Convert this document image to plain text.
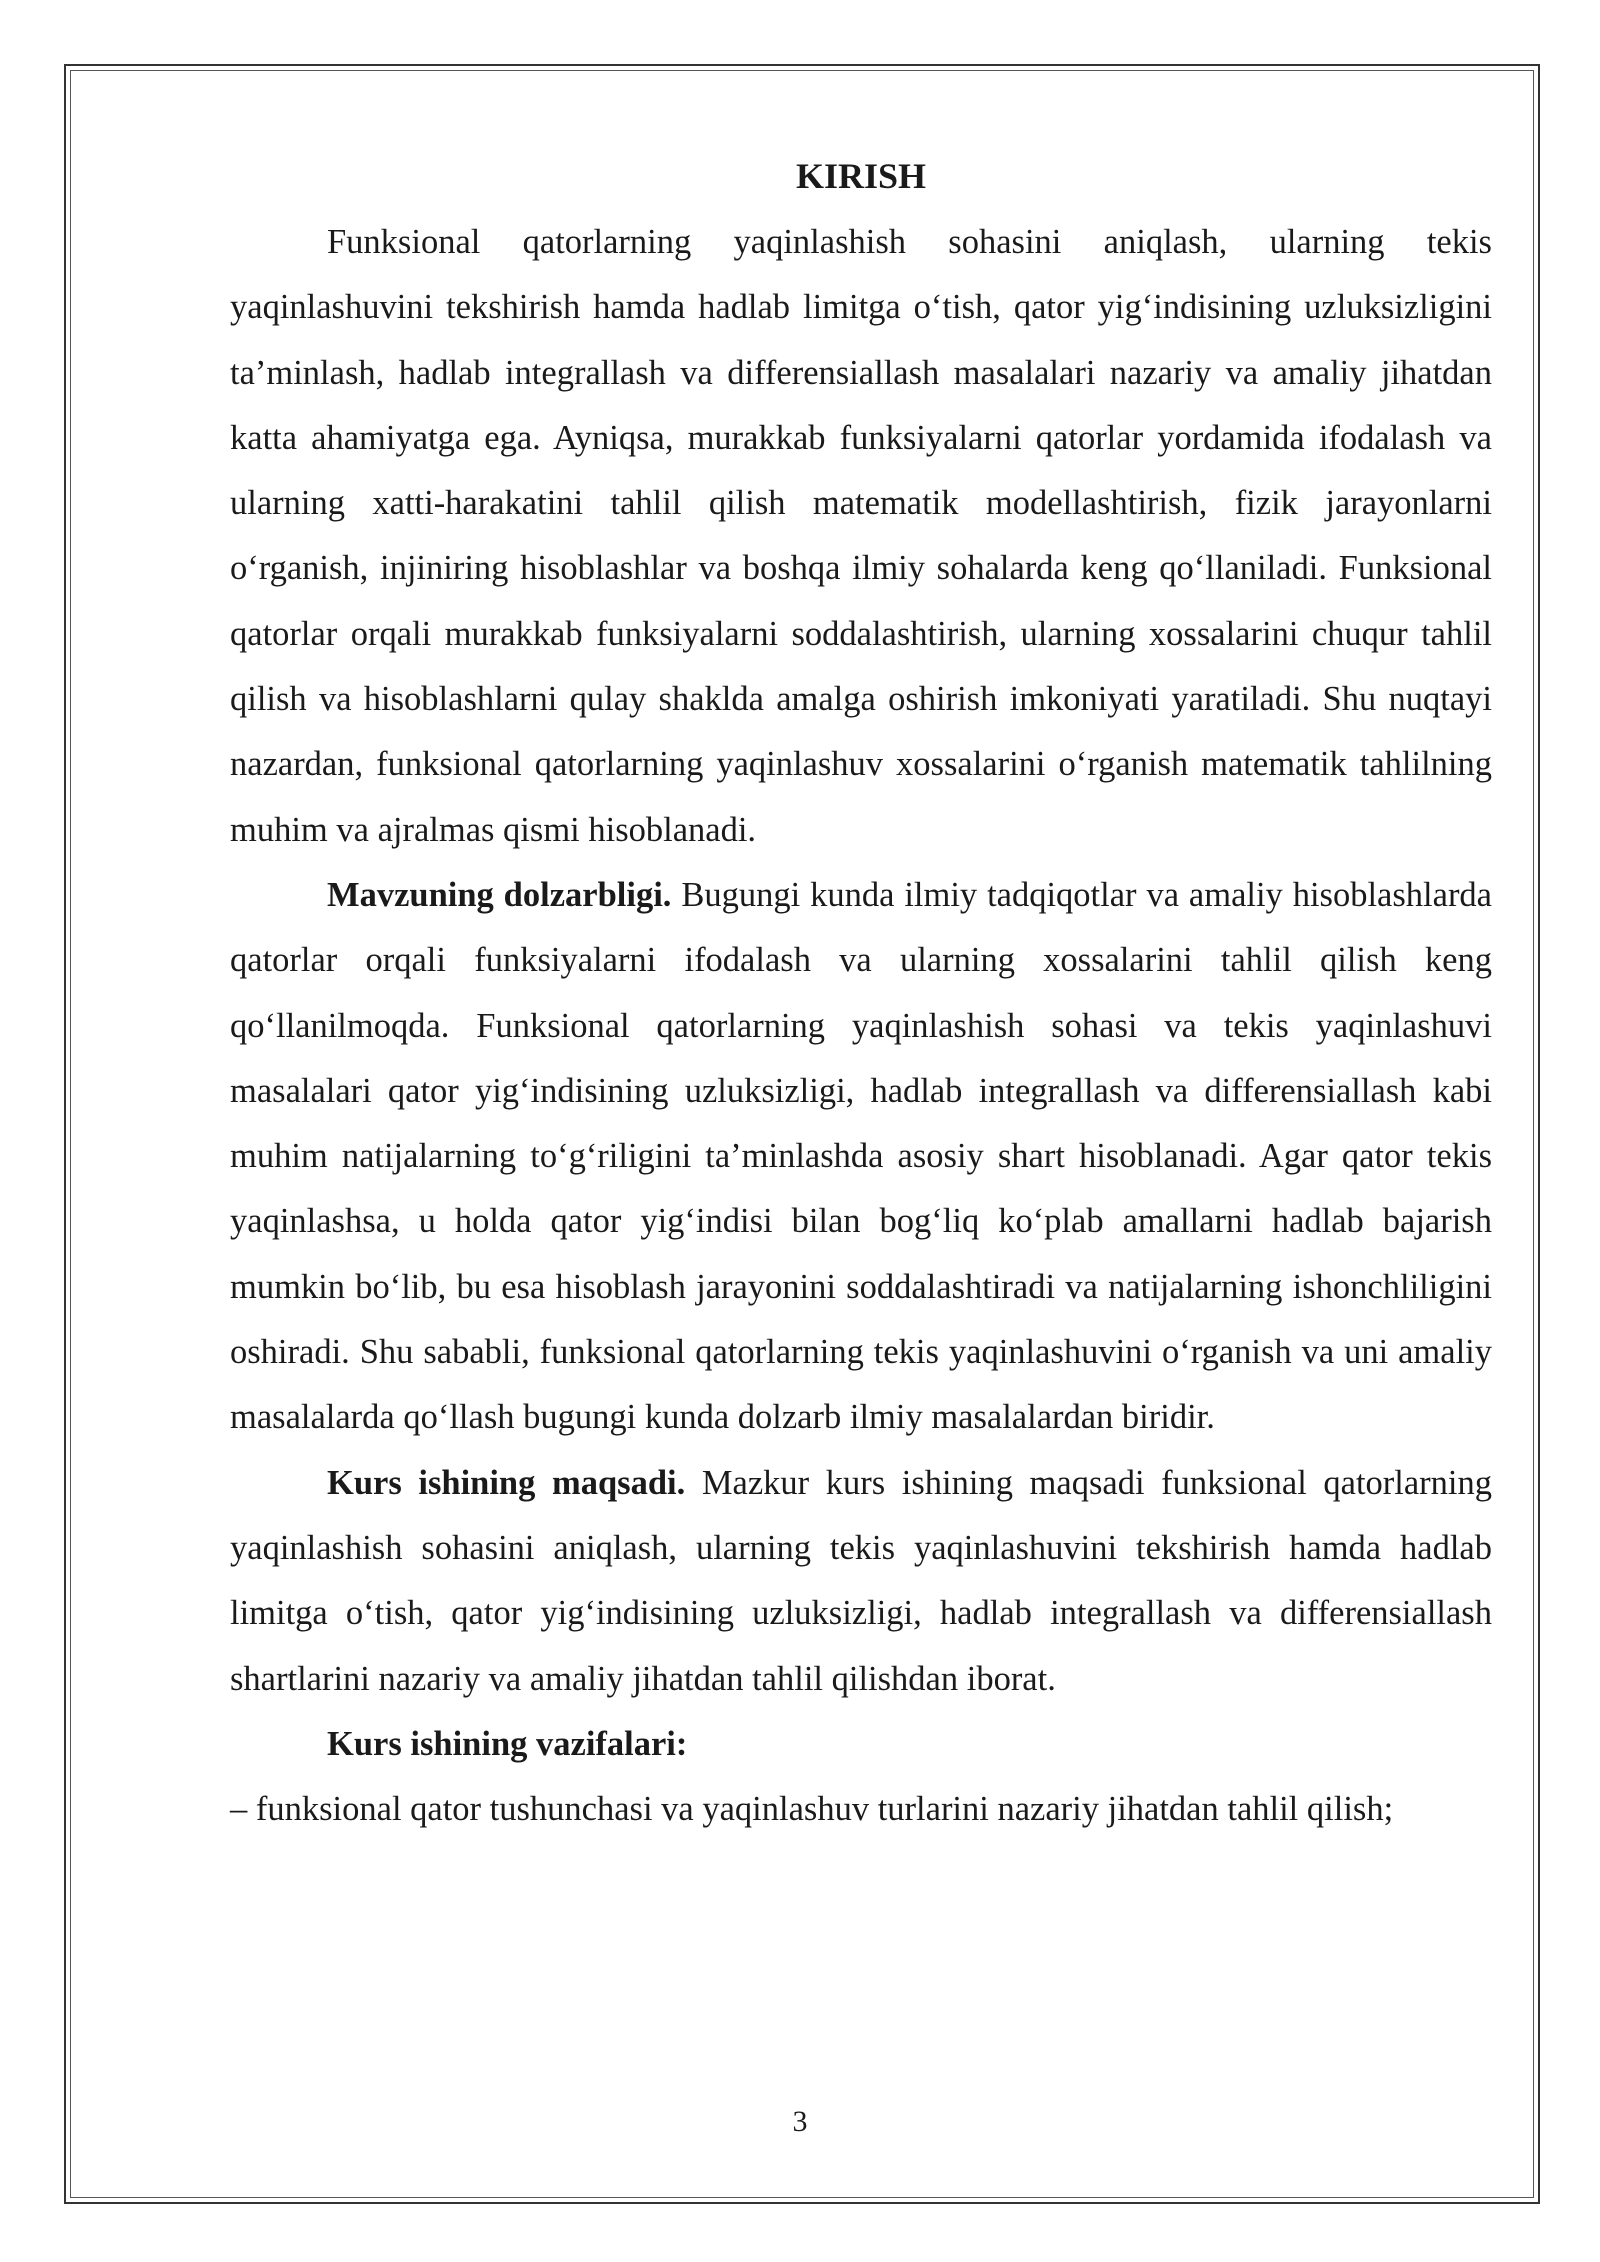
KIRISH

Funksional qatorlarning yaqinlashish sohasini aniqlash, ularning tekis yaqinlashuvini tekshirish hamda hadlab limitga o‘tish, qator yig‘indisining uzluksizligini ta’minlash, hadlab integrallash va differensiallash masalalari nazariy va amaliy jihatdan katta ahamiyatga ega. Ayniqsa, murakkab funksiyalarni qatorlar yordamida ifodalash va ularning xatti-harakatini tahlil qilish matematik modellashtirish, fizik jarayonlarni o‘rganish, injiniring hisoblashlar va boshqa ilmiy sohalarda keng qo‘llaniladi. Funksional qatorlar orqali murakkab funksiyalarni soddalashtirish, ularning xossalarini chuqur tahlil qilish va hisoblashlarni qulay shaklda amalga oshirish imkoniyati yaratiladi. Shu nuqtayi nazardan, funksional qatorlarning yaqinlashuv xossalarini o‘rganish matematik tahlilning muhim va ajralmas qismi hisoblanadi.

Mavzuning dolzarbligi. Bugungi kunda ilmiy tadqiqotlar va amaliy hisoblashlarda qatorlar orqali funksiyalarni ifodalash va ularning xossalarini tahlil qilish keng qo‘llanilmoqda. Funksional qatorlarning yaqinlashish sohasi va tekis yaqinlashuvi masalalari qator yig‘indisining uzluksizligi, hadlab integrallash va differensiallash kabi muhim natijalarning to‘g‘riligini ta’minlashda asosiy shart hisoblanadi. Agar qator tekis yaqinlashsa, u holda qator yig‘indisi bilan bog‘liq ko‘plab amallarni hadlab bajarish mumkin bo‘lib, bu esa hisoblash jarayonini soddalashtiradi va natijalarning ishonchliligini oshiradi. Shu sababli, funksional qatorlarning tekis yaqinlashuvini o‘rganish va uni amaliy masalalarda qo‘llash bugungi kunda dolzarb ilmiy masalalardan biridir.

Kurs ishining maqsadi. Mazkur kurs ishining maqsadi funksional qatorlarning yaqinlashish sohasini aniqlash, ularning tekis yaqinlashuvini tekshirish hamda hadlab limitga o‘tish, qator yig‘indisining uzluksizligi, hadlab integrallash va differensiallash shartlarini nazariy va amaliy jihatdan tahlil qilishdan iborat.

Kurs ishining vazifalari:

– funksional qator tushunchasi va yaqinlashuv turlarini nazariy jihatdan tahlil qilish;

3
